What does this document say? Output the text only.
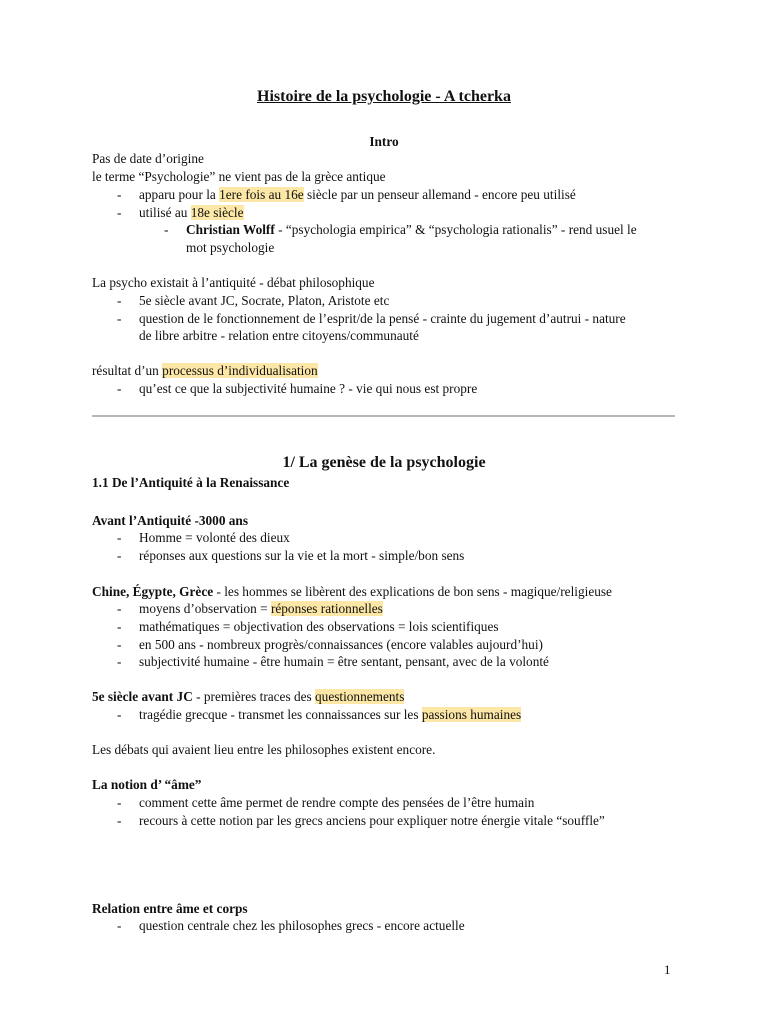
Histoire de la psychologie - A tcherka
Intro
Pas de date d’origine
le terme “Psychologie” ne vient pas de la grèce antique
- apparu pour la 1ere fois au 16e siècle par un penseur allemand - encore peu utilisé
- utilisé au 18e siècle
- Christian Wolff - “psychologia empirica” & “psychologia rationalis” - rend usuel le
mot psychologie
La psycho existait à l’antiquité - débat philosophique
- 5e siècle avant JC, Socrate, Platon, Aristote etc
- question de le fonctionnement de l’esprit/de la pensé - crainte du jugement d’autrui - nature
de libre arbitre - relation entre citoyens/communauté
résultat d’un processus d’individualisation
- qu’est ce que la subjectivité humaine ? - vie qui nous est propre
1/ La genèse de la psychologie
1.1 De l’Antiquité à la Renaissance
Avant l’Antiquité -3000 ans
- Homme = volonté des dieux
- réponses aux questions sur la vie et la mort - simple/bon sens
Chine, Égypte, Grèce - les hommes se libèrent des explications de bon sens - magique/religieuse
- moyens d’observation = réponses rationnelles
- mathématiques = objectivation des observations = lois scientifiques
- en 500 ans - nombreux progrès/connaissances (encore valables aujourd’hui)
- subjectivité humaine - être humain = être sentant, pensant, avec de la volonté
5e siècle avant JC - premières traces des questionnements
- tragédie grecque - transmet les connaissances sur les passions humaines
Les débats qui avaient lieu entre les philosophes existent encore.
La notion d’ “âme”
- comment cette âme permet de rendre compte des pensées de l’être humain
- recours à cette notion par les grecs anciens pour expliquer notre énergie vitale “souffle”
Relation entre âme et corps
- question centrale chez les philosophes grecs - encore actuelle
1
